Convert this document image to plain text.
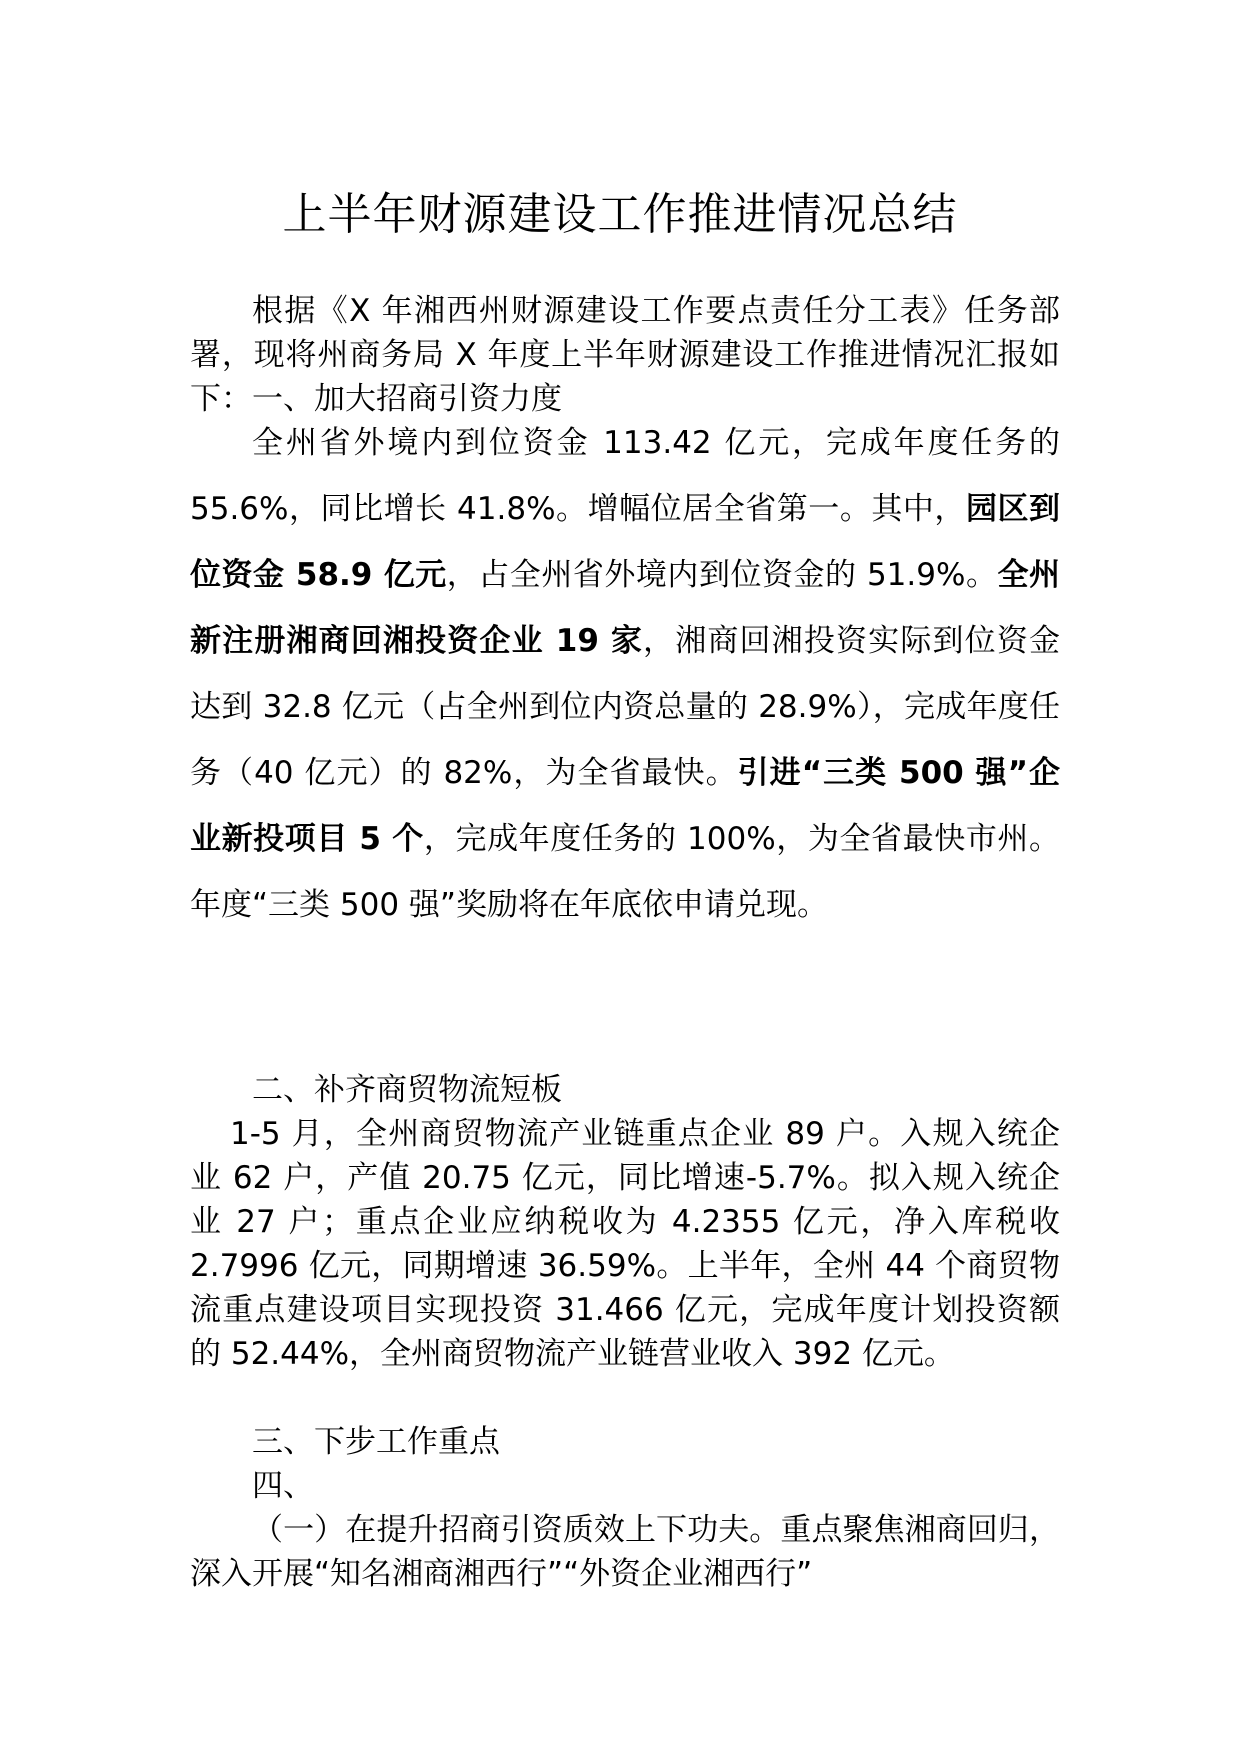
上半年财源建设工作推进情况总结

根据《X 年湘西州财源建设工作要点责任分工表》任务部署，现将州商务局 X 年度上半年财源建设工作推进情况汇报如下： 一、加大招商引资力度

全州省外境内到位资金 113.42 亿元，完成年度任务的 55.6%，同比增长 41.8%。增幅位居全省第一。其中，园区到位资金 58.9 亿元，占全州省外境内到位资金的 51.9%。全州新注册湘商回湘投资企业 19 家，湘商回湘投资实际到位资金达到 32.8 亿元（占全州到位内资总量的 28.9%），完成年度任务（40 亿元）的 82%，为全省最快。引进“三类 500 强”企业新投项目 5 个，完成年度任务的 100%，为全省最快市州。年度“三类 500 强”奖励将在年底依申请兑现。

二、补齐商贸物流短板

1-5 月，全州商贸物流产业链重点企业 89 户。入规入统企业 62 户，产值 20.75 亿元，同比增速-5.7%。拟入规入统企业 27 户；重点企业应纳税收为 4.2355 亿元，净入库税收 2.7996 亿元，同期增速 36.59%。上半年，全州 44 个商贸物流重点建设项目实现投资 31.466 亿元，完成年度计划投资额的 52.44%，全州商贸物流产业链营业收入 392 亿元。

三、下步工作重点

四、

（一）在提升招商引资质效上下功夫。重点聚焦湘商回归，深入开展“知名湘商湘西行”“外资企业湘西行”
